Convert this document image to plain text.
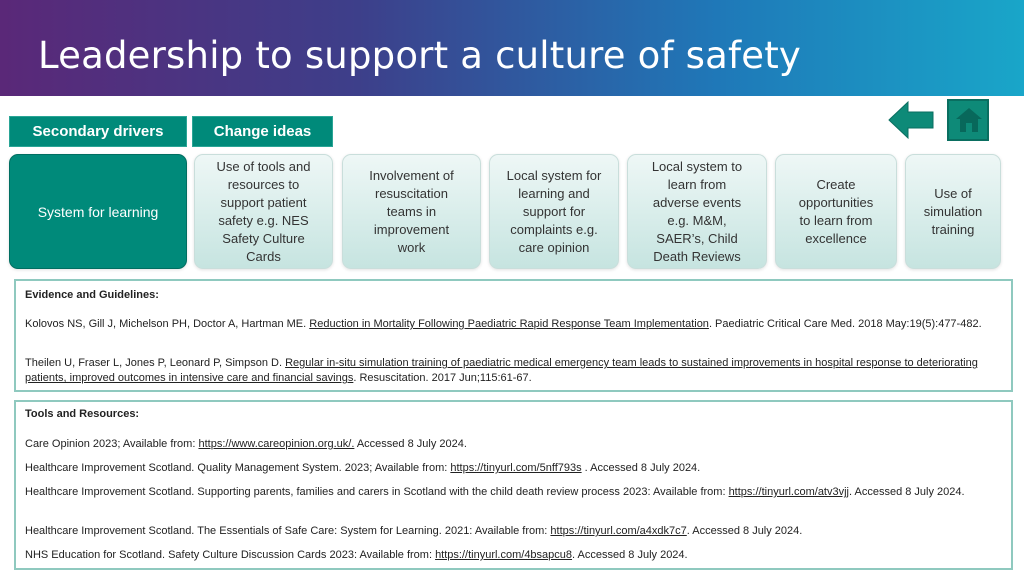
Leadership to support a culture of safety
Secondary drivers	Change ideas
System for learning
Use of tools and
resources to
support patient
safety e.g. NES
Safety Culture
Cards
Involvement of
resuscitation
teams in
improvement
work
Local system for
learning and
support for
complaints e.g.
care opinion
Local system to
learn from
adverse events
e.g. M&M,
SAER’s, Child
Death Reviews
Create
opportunities
to learn from
excellence
Use of
simulation
training
Evidence and Guidelines:
Kolovos NS, Gill J, Michelson PH, Doctor A, Hartman ME. Reduction in Mortality Following Paediatric Rapid Response Team Implementation. Paediatric Critical Care Med. 2018 May:19(5):477-482.
Theilen U, Fraser L, Jones P, Leonard P, Simpson D. Regular in-situ simulation training of paediatric medical emergency team leads to sustained improvements in hospital response to deteriorating patients, improved outcomes in intensive care and financial savings. Resuscitation. 2017 Jun;115:61-67.
Tools and Resources:
Care Opinion 2023; Available from: https://www.careopinion.org.uk/. Accessed 8 July 2024.
Healthcare Improvement Scotland. Quality Management System. 2023; Available from: https://tinyurl.com/5nff793s . Accessed 8 July 2024.
Healthcare Improvement Scotland. Supporting parents, families and carers in Scotland with the child death review process 2023: Available from: https://tinyurl.com/atv3vjj. Accessed 8 July 2024.
Healthcare Improvement Scotland. The Essentials of Safe Care: System for Learning. 2021: Available from: https://tinyurl.com/a4xdk7c7. Accessed 8 July 2024.
NHS Education for Scotland. Safety Culture Discussion Cards 2023: Available from: https://tinyurl.com/4bsapcu8. Accessed 8 July 2024.
